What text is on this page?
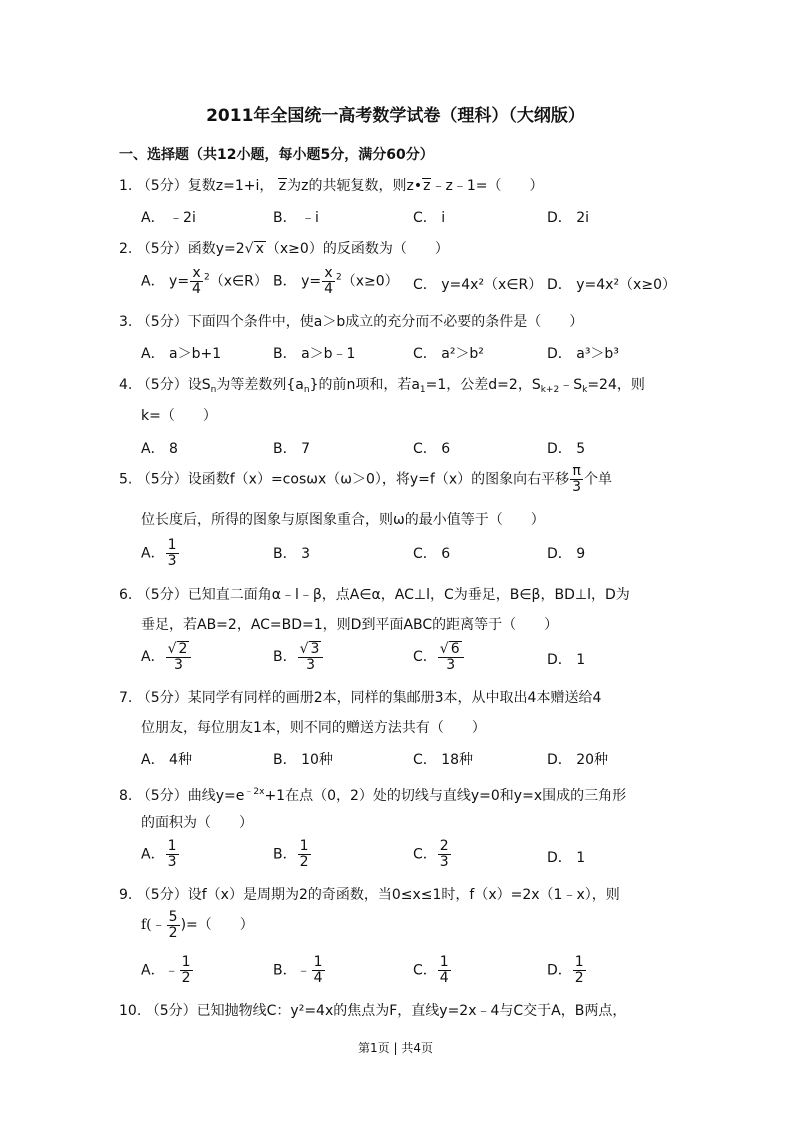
2011年全国统一高考数学试卷（理科）（大纲版）
一、选择题（共12小题，每小题5分，满分60分）
1. （5分）复数z=1+i， z为z的共轭复数，则z•z﹣z﹣1=（　　）
A． ﹣2i	B． ﹣i	C． i	D． 2i
2. （5分）函数y=2√ x （x≥0）的反函数为（　　）
A． $y= \frac{x}{4}$ $^2$（x∈R） B． $y= \frac{x}{4} ^2(x\ge 0)$ C． y=4x²（x∈R） D． y=4x²（x≥0）
3. （5分）下面四个条件中，使a＞b成立的充分而不必要的条件是（　　）
A． a＞b+1	B． a＞b﹣1	C． a²＞b²	D． a³＞b³
4. （5分）设$S_n$为等差数列$\{a_n\}$的前n项和，若$a_1=1$，公差d=2，$S_{k+2}﹣S_k=24$，则
k=（　　）
A． 8	B． 7	C． 6	D． 5
5. （5分）设函数f（x）=cosωx（ω＞0），将y=f（x）的图象向右平移 $\frac{\pi}{3}$ 个单
位长度后，所得的图象与原图象重合，则ω的最小值等于（　　）
A． $\frac{1}{3}$	B． 3	C． 6	D． 9
6. （5分）已知直二面角α﹣l﹣β，点A∈α，AC⊥l，C为垂足，B∈β，BD⊥l，D为
垂足，若AB=2，AC=BD=1，则D到平面ABC的距离等于（　　）
A． $\frac{√ 2}{3}$	B． $\frac{√ 3}{3}$	C． $\frac{√ 6}{3}$	D． 1
7. （5分）某同学有同样的画册2本，同样的集邮册3本，从中取出4本赠送给4
位朋友，每位朋友1本，则不同的赠送方法共有（　　）
A． 4种	B． 10种	C． 18种	D． 20种
8. （5分）曲线$y=e^{﹣2x}+1$在点（0，2）处的切线与直线y=0和y=x围成的三角形
的面积为（　　）
A． $\frac{1}{3}$	B． $\frac{1}{2}$	C． $\frac{2}{3}$	D． 1
9. （5分）设f（x）是周期为2的奇函数，当0≤x≤1时，f（x）=2x（1﹣x），则
f(﹣ $\frac{5}{2}$ )=（　　）
A．﹣ $\frac{1}{2}$	B．﹣ $\frac{1}{4}$	C． $\frac{1}{4}$	D． $\frac{1}{2}$
10. （5分）已知抛物线C：y²=4x的焦点为F，直线y=2x﹣4与C交于A，B两点，
第1页 | 共4页
